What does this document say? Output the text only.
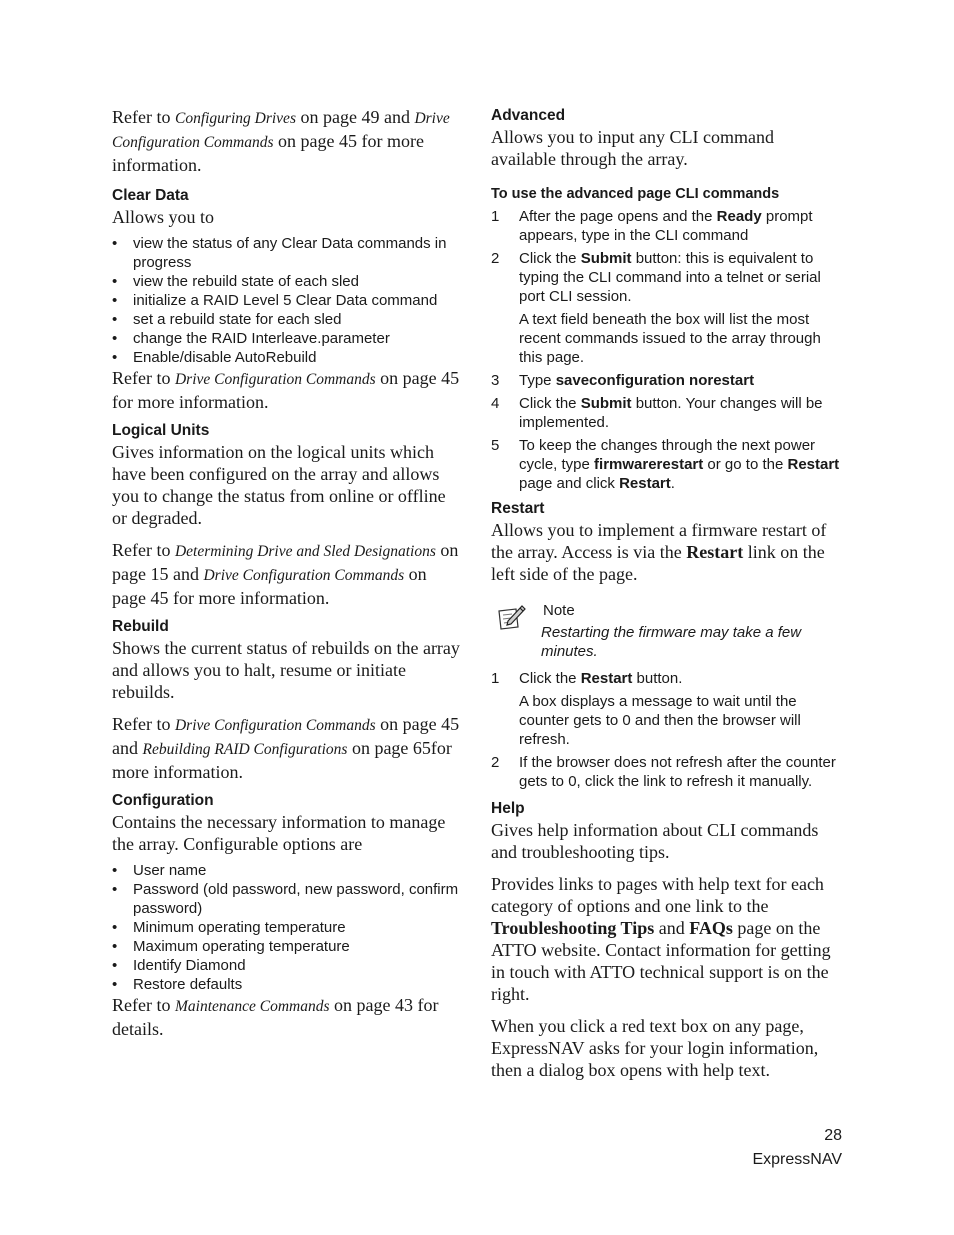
Refer to Configuring Drives on page 49 and Drive Configuration Commands on page 45 for more information.

Clear Data

Allows you to

• view the status of any Clear Data commands in progress
• view the rebuild state of each sled
• initialize a RAID Level 5 Clear Data command
• set a rebuild state for each sled
• change the RAID Interleave.parameter
• Enable/disable AutoRebuild

Refer to Drive Configuration Commands on page 45 for more information.

Logical Units

Gives information on the logical units which have been configured on the array and allows you to change the status from online or offline or degraded.

Refer to Determining Drive and Sled Designations on page 15 and Drive Configuration Commands on page 45 for more information.

Rebuild

Shows the current status of rebuilds on the array and allows you to halt, resume or initiate rebuilds.

Refer to Drive Configuration Commands on page 45 and Rebuilding RAID Configurations on page 65for more information.

Configuration

Contains the necessary information to manage the array. Configurable options are

• User name
• Password (old password, new password, confirm password)
• Minimum operating temperature
• Maximum operating temperature
• Identify Diamond
• Restore defaults

Refer to Maintenance Commands on page 43 for details.

Advanced

Allows you to input any CLI command available through the array.

To use the advanced page CLI commands
1 After the page opens and the Ready prompt appears, type in the CLI command
2 Click the Submit button: this is equivalent to typing the CLI command into a telnet or serial port CLI session.

A text field beneath the box will list the most recent commands issued to the array through this page.

3 Type saveconfiguration norestart
4 Click the Submit button. Your changes will be implemented.
5 To keep the changes through the next power cycle, type firmwarerestart or go to the Restart page and click Restart.
Restart

Allows you to implement a firmware restart of the array. Access is via the Restart link on the left side of the page.

Note
Restarting the firmware may take a few minutes.
1 Click the Restart button.

A box displays a message to wait until the counter gets to 0 and then the browser will refresh.

2 If the browser does not refresh after the counter gets to 0, click the link to refresh it manually.
Help

Gives help information about CLI commands and troubleshooting tips.

Provides links to pages with help text for each category of options and one link to the Troubleshooting Tips and FAQs page on the ATTO website. Contact information for getting in touch with ATTO technical support is on the right.

When you click a red text box on any page, ExpressNAV asks for your login information, then a dialog box opens with help text.

28
ExpressNAV
